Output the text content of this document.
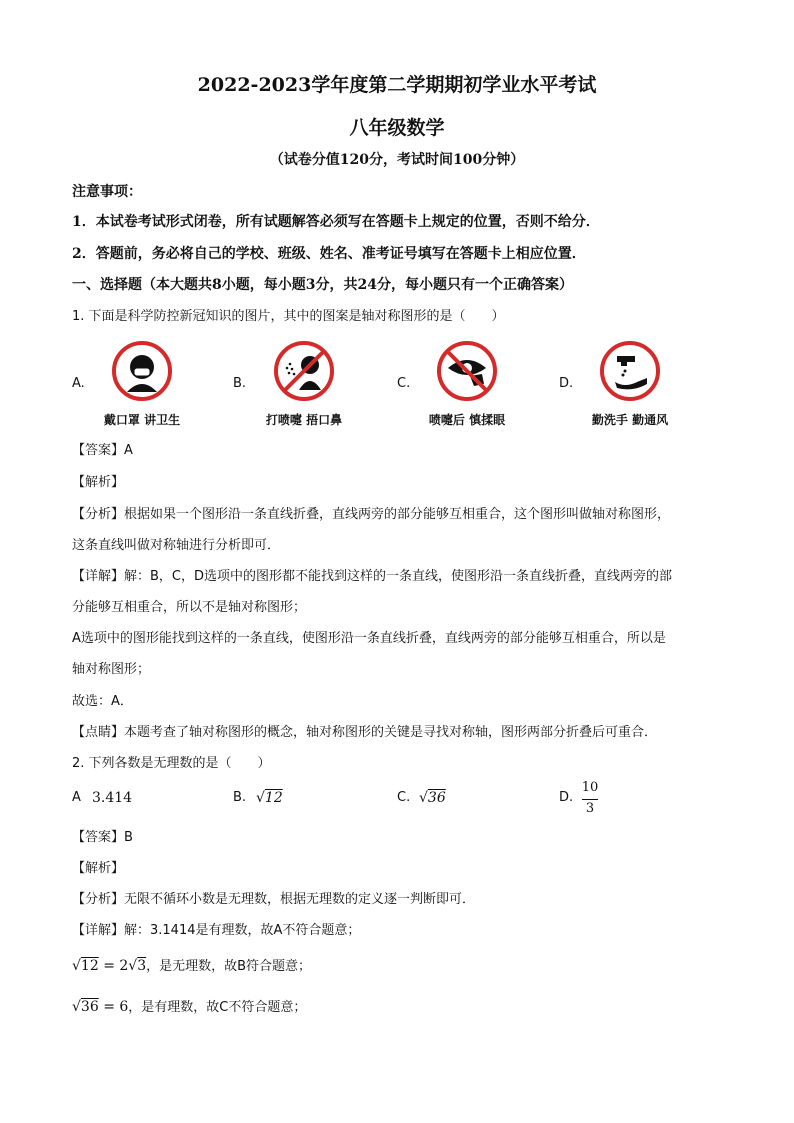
2022-2023学年度第二学期期初学业水平考试
八年级数学
（试卷分值120分，考试时间100分钟）
注意事项：
1．本试卷考试形式闭卷，所有试题解答必须写在答题卡上规定的位置，否则不给分．
2．答题前，务必将自己的学校、班级、姓名、准考证号填写在答题卡上相应位置．
一、选择题（本大题共8小题，每小题3分，共24分，每小题只有一个正确答案）
1. 下面是科学防控新冠知识的图片，其中的图案是轴对称图形的是（　　）
A.
戴口罩 讲卫生
B.
打喷嚏 捂口鼻
C.
喷嚏后 慎揉眼
D.
勤洗手 勤通风
【答案】A
【解析】
【分析】根据如果一个图形沿一条直线折叠，直线两旁的部分能够互相重合，这个图形叫做轴对称图形，
这条直线叫做对称轴进行分析即可．
【详解】解：B，C，D选项中的图形都不能找到这样的一条直线，使图形沿一条直线折叠，直线两旁的部
分能够互相重合，所以不是轴对称图形；
A选项中的图形能找到这样的一条直线，使图形沿一条直线折叠，直线两旁的部分能够互相重合，所以是
轴对称图形；
故选：A．
【点睛】本题考查了轴对称图形的概念，轴对称图形的关键是寻找对称轴，图形两部分折叠后可重合．
2. 下列各数是无理数的是（　　）
A 3.414	B. √12	C. √36	D.
10
3
【答案】B
【解析】
【分析】无限不循环小数是无理数，根据无理数的定义逐一判断即可．
【详解】解：3.1414是有理数，故A不符合题意；
√12 = 2√3，是无理数，故B符合题意；
√36 = 6，是有理数，故C不符合题意；
